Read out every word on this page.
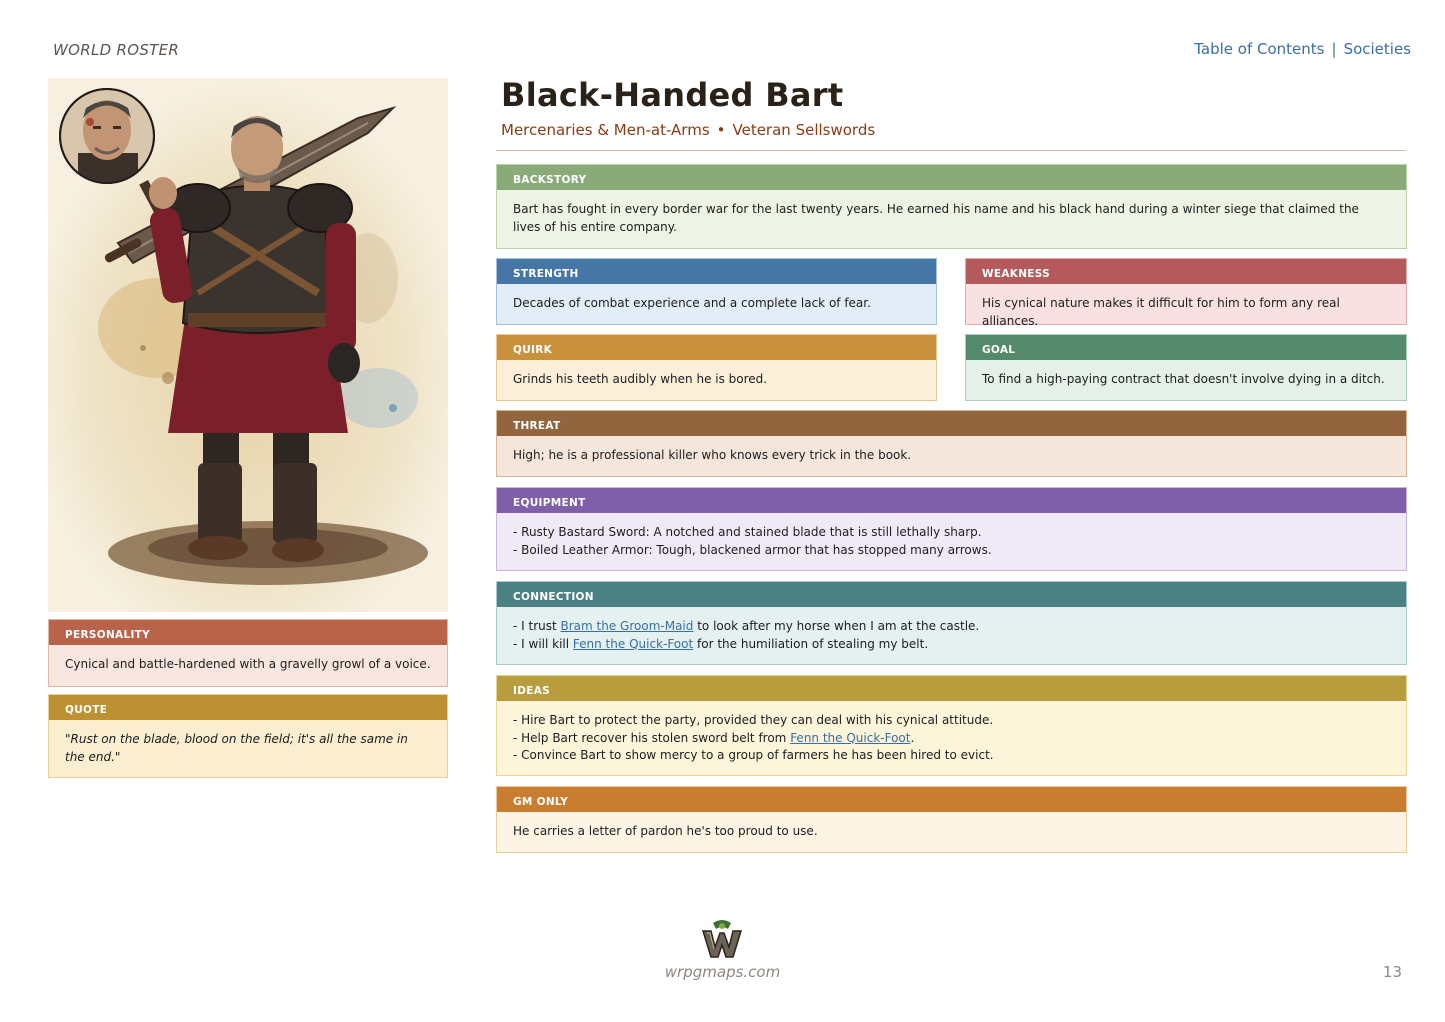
WORLD ROSTER	Table of Contents | Societies
PERSONALITY
Cynical and battle-hardened with a gravelly growl of a voice.
QUOTE
"Rust on the blade, blood on the field; it's all the same in the end."
Black-Handed Bart
Mercenaries & Men-at-Arms • Veteran Sellswords
BACKSTORY
Bart has fought in every border war for the last twenty years. He earned his name and his black hand during a winter siege that claimed the lives of his entire company.
STRENGTH
Decades of combat experience and a complete lack of fear.
WEAKNESS
His cynical nature makes it difficult for him to form any real alliances.
QUIRK
Grinds his teeth audibly when he is bored.
GOAL
To find a high-paying contract that doesn't involve dying in a ditch.
THREAT
High; he is a professional killer who knows every trick in the book.
EQUIPMENT
- Rusty Bastard Sword: A notched and stained blade that is still lethally sharp.
- Boiled Leather Armor: Tough, blackened armor that has stopped many arrows.
CONNECTION
- I trust Bram the Groom-Maid to look after my horse when I am at the castle.
- I will kill Fenn the Quick-Foot for the humiliation of stealing my belt.
IDEAS
- Hire Bart to protect the party, provided they can deal with his cynical attitude.
- Help Bart recover his stolen sword belt from Fenn the Quick-Foot.
- Convince Bart to show mercy to a group of farmers he has been hired to evict.
GM ONLY
He carries a letter of pardon he's too proud to use.
wrpgmaps.com	13
